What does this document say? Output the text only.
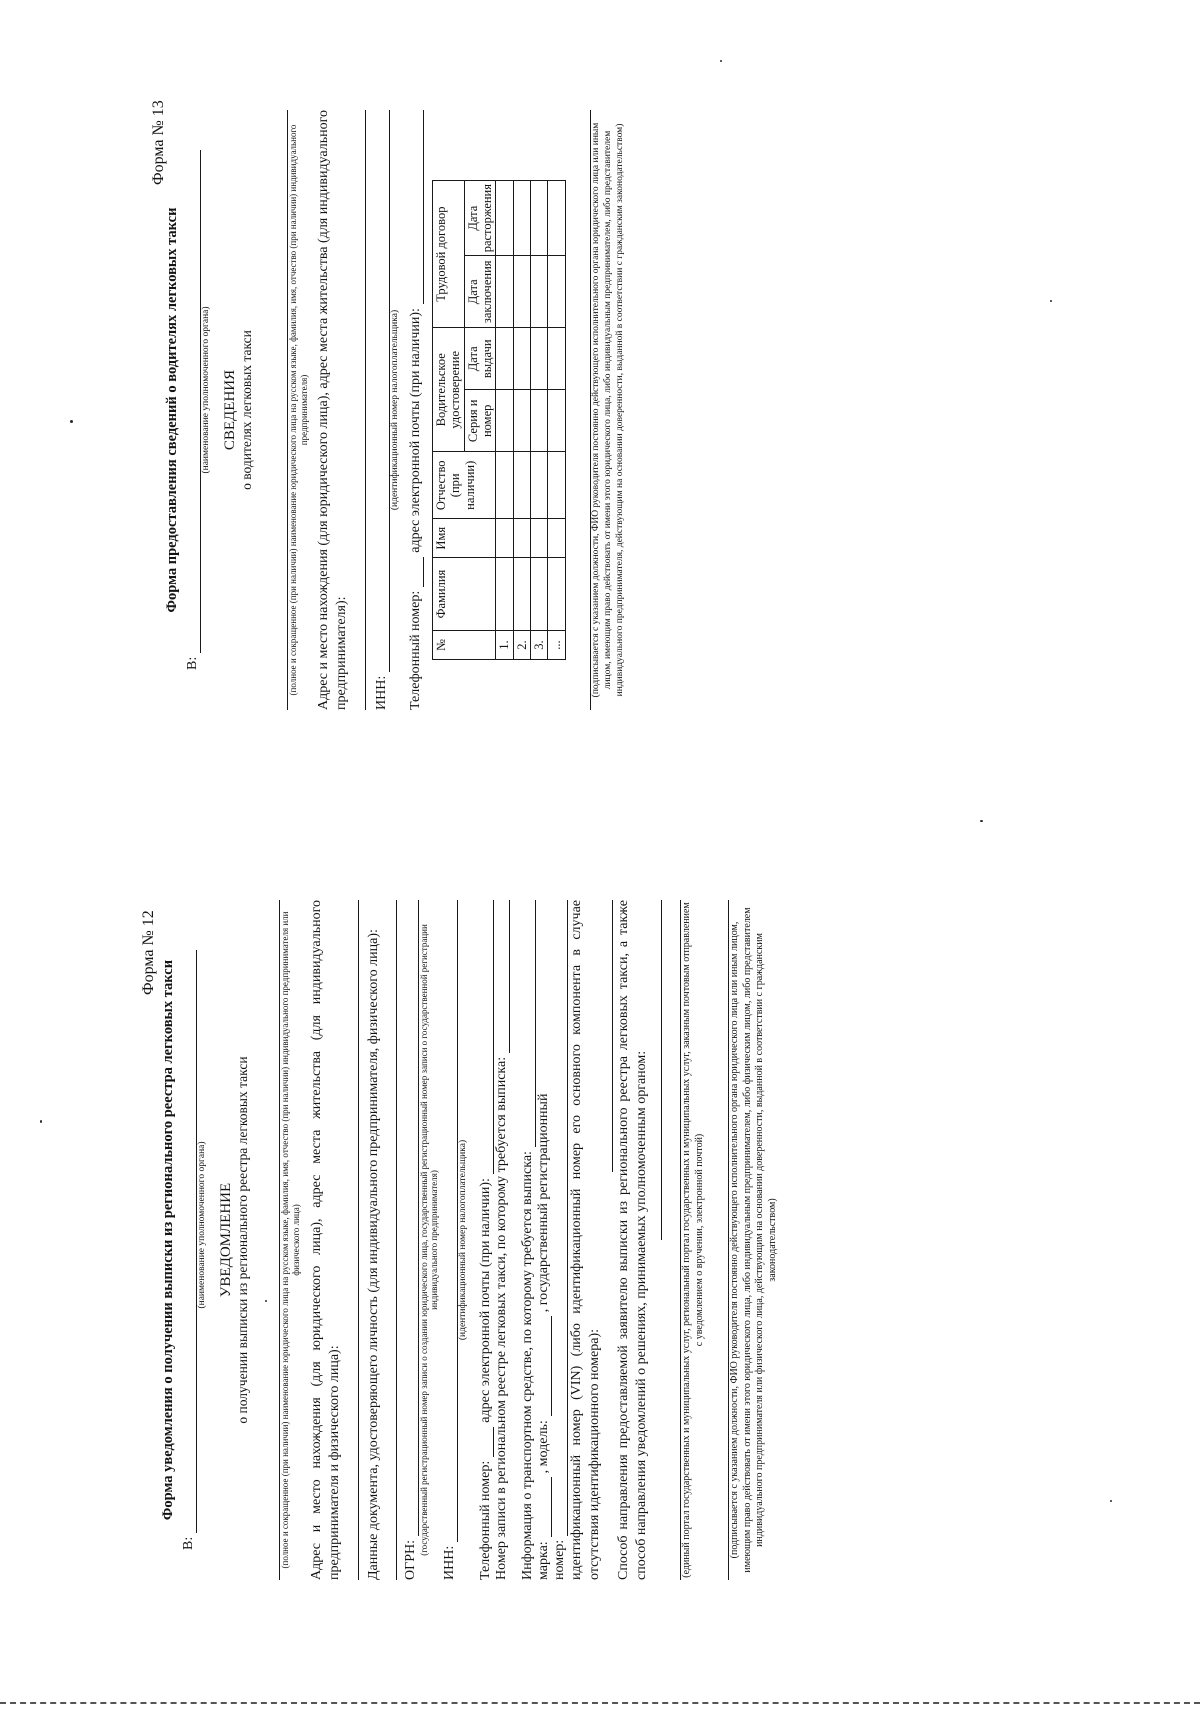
Форма № 13
Форма предоставления сведений о водителях легковых такси
В:
(наименование уполномоченного органа) СВЕДЕНИЯ о водителях легковых такси	(полное и сокращенное (при наличии) наименование юридического лица на русском языке, фамилия, имя, отчество (при наличии) индивидуального предпринимателя) Адрес и место нахождения (для юридического лица), адрес места жительства (для индивидуального предпринимателя): ИНН:
(идентификационный номер налогоплательщика)
Телефонный номер:
адрес электронной почты (при наличии):
№	Фамилия	Имя	Отчество (при наличии)	Водительское удостоверение		Трудовой договор	
				Серия и номер	Дата выдачи	Дата заключения	Дата расторжения
1.							
2.							
3.							
...								(подписывается с указанием должности, ФИО руководителя постоянно действующего исполнительного органа юридического лица или иным лицом, имеющим право действовать от имени этого юридического лица, либо индивидуальным предпринимателем, либо представителем индивидуального предпринимателя, действующим на основании доверенности, выданной в соответствии с гражданским законодательством)
Форма № 12
Форма уведомления о получении выписки из регионального реестра легковых такси
В:
(наименование уполномоченного органа) УВЕДОМЛЕНИЕ о получении выписки из регионального реестра легковых такси	(полное и сокращенное (при наличии) наименование юридического лица на русском языке, фамилия, имя, отчество (при наличии) индивидуального предпринимателя или физического лица) Адрес и место нахождения (для юридического лица), адрес места жительства (для индивидуального предпринимателя и физического лица): Данные документа, удостоверяющего личность (для индивидуального предпринимателя, физического лица): ОГРН:
(государственный регистрационный номер записи о создании юридического лица, государственный регистрационный номер записи о государственной регистрации индивидуального предпринимателя)
ИНН:
(идентификационный номер налогоплательщика)
Телефонный номер:
адрес электронной почты (при наличии): Номер записи в региональном реестре легковых такси, по которому требуется выписка: Информация о транспортном средстве, по которому требуется выписка: марка:
, модель:
, государственный регистрационный
номер: идентификационный номер (VIN) (либо идентификационный номер его основного компонента в случае отсутствия идентификационного номера): Способ направления предоставляемой заявителю выписки из регионального реестра легковых такси, а также способ направления уведомлений о решениях, принимаемых уполномоченным органом:	(единый портал государственных и муниципальных услуг, региональный портал государственных и муниципальных услуг, заказным почтовым отправлением с уведомлением о вручении, электронной почтой) (подписывается с указанием должности, ФИО руководителя постоянно действующего исполнительного органа юридического лица или иным лицом, имеющим право действовать от имени этого юридического лица, либо индивидуальным предпринимателем, либо физическим лицом, либо представителем индивидуального предпринимателя или физического лица, действующим на основании доверенности, выданной в соответствии с гражданским законодательством)
